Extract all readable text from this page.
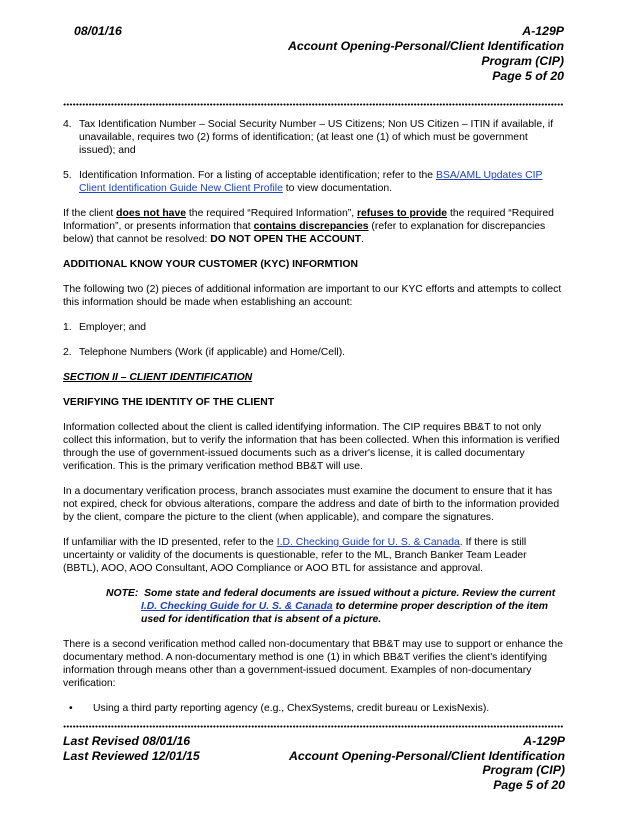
08/01/16	A-129P
Account Opening-Personal/Client Identification
Program (CIP)
Page 5 of 20

4. Tax Identification Number – Social Security Number – US Citizens; Non US Citizen – ITIN if available, if unavailable, requires two (2) forms of identification; (at least one (1) of which must be government issued); and

5. Identification Information. For a listing of acceptable identification; refer to the BSA/AML Updates CIP Client Identification Guide New Client Profile to view documentation.

If the client does not have the required “Required Information”, refuses to provide the required “Required Information”, or presents information that contains discrepancies (refer to explanation for discrepancies below) that cannot be resolved: DO NOT OPEN THE ACCOUNT.

ADDITIONAL KNOW YOUR CUSTOMER (KYC) INFORMTION

The following two (2) pieces of additional information are important to our KYC efforts and attempts to collect this information should be made when establishing an account:

1. Employer; and

2. Telephone Numbers (Work (if applicable) and Home/Cell).

SECTION II – CLIENT IDENTIFICATION

VERIFYING THE IDENTITY OF THE CLIENT

Information collected about the client is called identifying information. The CIP requires BB&T to not only collect this information, but to verify the information that has been collected. When this information is verified through the use of government-issued documents such as a driver's license, it is called documentary verification. This is the primary verification method BB&T will use.

In a documentary verification process, branch associates must examine the document to ensure that it has not expired, check for obvious alterations, compare the address and date of birth to the information provided by the client, compare the picture to the client (when applicable), and compare the signatures.

If unfamiliar with the ID presented, refer to the I.D. Checking Guide for U. S. & Canada. If there is still uncertainty or validity of the documents is questionable, refer to the ML, Branch Banker Team Leader (BBTL), AOO, AOO Consultant, AOO Compliance or AOO BTL for assistance and approval.

NOTE: Some state and federal documents are issued without a picture. Review the current
I.D. Checking Guide for U. S. & Canada to determine proper description of the item
used for identification that is absent of a picture.

There is a second verification method called non-documentary that BB&T may use to support or enhance the documentary method. A non-documentary method is one (1) in which BB&T verifies the client's identifying information through means other than a government-issued document. Examples of non-documentary verification:

• Using a third party reporting agency (e.g., ChexSystems, credit bureau or LexisNexis).

Last Revised 08/01/16	A-129P
Last Reviewed 12/01/15	Account Opening-Personal/Client Identification
Program (CIP)
Page 5 of 20
